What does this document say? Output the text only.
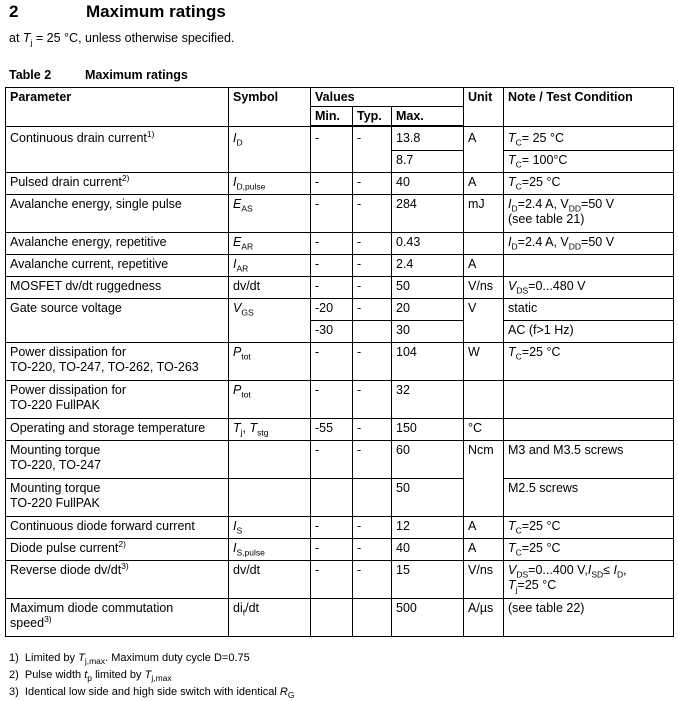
2	Maximum ratings
at $T_j = 25$ °C, unless otherwise specified.
Table 2	Maximum ratings
Parameter	Symbol	Values			Unit	Note / Test Condition
		Min.	Typ.	Max.		
Continuous drain current$^{1)}$	$I_D$	-	-	13.8	A	$T_C= 25$ °C
				8.7		$T_C= 100^\circ C$
Pulsed drain current$^{2)}$	$I_{D,pulse}$	-	-	40	A	$T_C=25$ °C
Avalanche energy, single pulse	$E_{AS}$	-	-	284	mJ	$I_D=2.4$ A, $V_{DD}=50$ V
(see table 21)
Avalanche energy, repetitive	$E_{AR}$	-	-	0.43		$I_D=2.4$ A, $V_{DD}=50$ V
Avalanche current, repetitive	$I_{AR}$	-	-	2.4	A	
MOSFET dv/dt ruggedness	dv/dt	-	-	50	V/ns	$V_{DS}=0...480$ V
Gate source voltage	$V_{GS}$	-20	-	20	V	static
		-30		30		AC (f>1 Hz)
Power dissipation for
TO-220, TO-247, TO-262, TO-263	$P_{tot}$	-	-	104	W	$T_C=25$ °C
Power dissipation for
TO-220 FullPAK	$P_{tot}$	-	-	32		
Operating and storage temperature	$T_j$, $T_{stg}$	-55	-	150	°C	
Mounting torque
TO-220, TO-247		-	-	60	Ncm	M3 and M3.5 screws
Mounting torque
TO-220 FullPAK				50		M2.5 screws
Continuous diode forward current	$I_S$	-	-	12	A	$T_C=25$ °C
Diode pulse current$^{2)}$	$I_{S,pulse}$	-	-	40	A	$T_C=25$ °C
Reverse diode $dv/dt^{3)}$	dv/dt	-	-	15	V/ns	$V_{DS}=0...400$ $V,I_{SD}\le I_D$,
$T_j=25$ °C
Maximum diode commutation
speed$^{3)}$	$di_f/dt$			500	A/µs	(see table 22)
1) Limited by $T_{j,max}$. Maximum duty cycle D=0.75
2) Pulse width $t_p$ limited by $T_{j,max}$
3) Identical low side and high side switch with identical $R_G$
